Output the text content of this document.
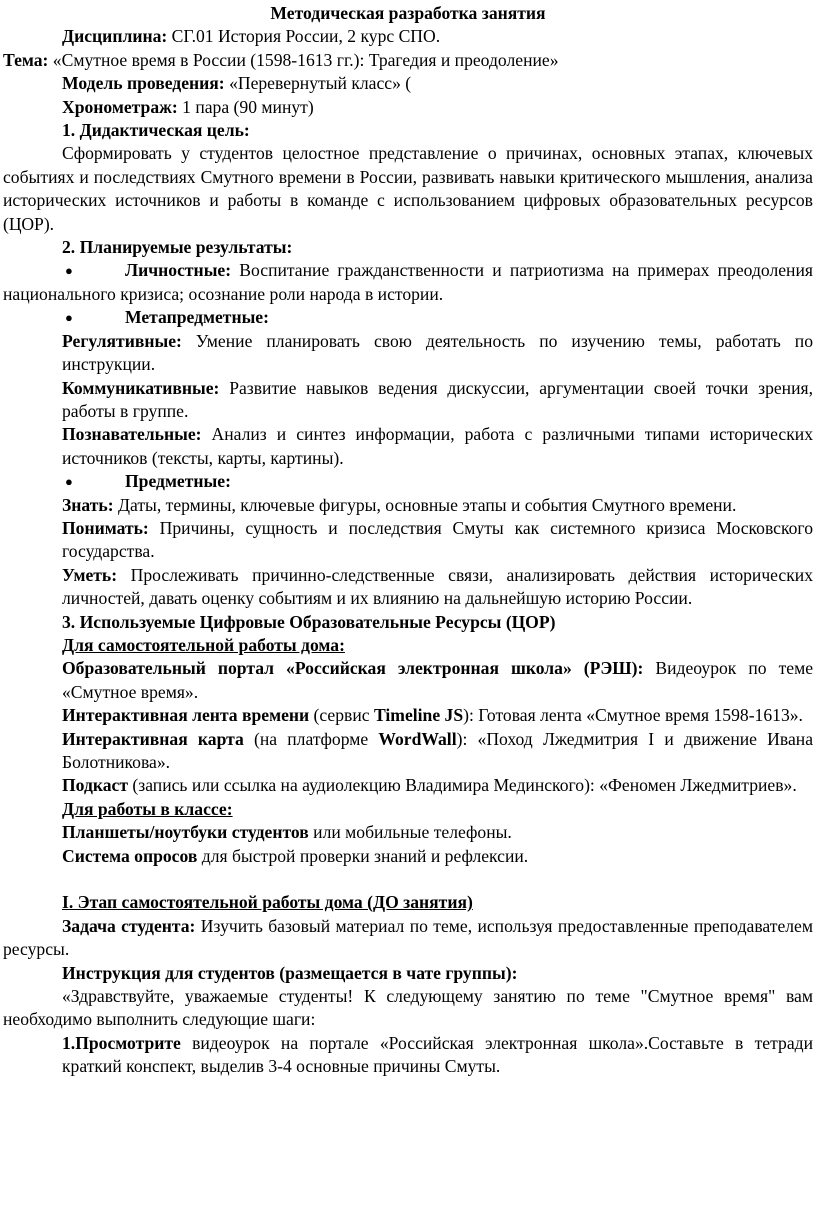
Методическая разработка занятия

Дисциплина: СГ.01 История России, 2 курс СПО.

Тема: «Смутное время в России (1598-1613 гг.): Трагедия и преодоление»

Модель проведения: «Перевернутый класс» (

Хронометраж: 1 пара (90 минут)

1. Дидактическая цель:

Сформировать у студентов целостное представление о причинах, основных этапах, ключевых событиях и последствиях Смутного времени в России, развивать навыки критического мышления, анализа исторических источников и работы в команде с использованием цифровых образовательных ресурсов (ЦОР).

2. Планируемые результаты:

●	Личностные: Воспитание гражданственности и патриотизма на примерах преодоления национального кризиса; осознание роли народа в истории.

●	Метапредметные:

Регулятивные: Умение планировать свою деятельность по изучению темы, работать по инструкции.

Коммуникативные: Развитие навыков ведения дискуссии, аргументации своей точки зрения, работы в группе.

Познавательные: Анализ и синтез информации, работа с различными типами исторических источников (тексты, карты, картины).

●	Предметные:

Знать: Даты, термины, ключевые фигуры, основные этапы и события Смутного времени.

Понимать: Причины, сущность и последствия Смуты как системного кризиса Московского государства.

Уметь: Прослеживать причинно-следственные связи, анализировать действия исторических личностей, давать оценку событиям и их влиянию на дальнейшую историю России.

3. Используемые Цифровые Образовательные Ресурсы (ЦОР)

Для самостоятельной работы дома:

Образовательный портал «Российская электронная школа» (РЭШ): Видеоурок по теме «Смутное время».

Интерактивная лента времени (сервис Timeline JS): Готовая лента «Смутное время 1598-1613».

Интерактивная карта (на платформе WordWall): «Поход Лжедмитрия I и движение Ивана Болотникова».

Подкаст (запись или ссылка на аудиолекцию Владимира Мединского): «Феномен Лжедмитриев».

Для работы в классе:

Планшеты/ноутбуки студентов или мобильные телефоны.

Система опросов для быстрой проверки знаний и рефлексии.

I. Этап самостоятельной работы дома (ДО занятия)

Задача студента: Изучить базовый материал по теме, используя предоставленные преподавателем ресурсы.

Инструкция для студентов (размещается в чате группы):

«Здравствуйте, уважаемые студенты! К следующему занятию по теме "Смутное время" вам необходимо выполнить следующие шаги:

1.Просмотрите видеоурок на портале «Российская электронная школа».Составьте в тетради краткий конспект, выделив 3-4 основные причины Смуты.
